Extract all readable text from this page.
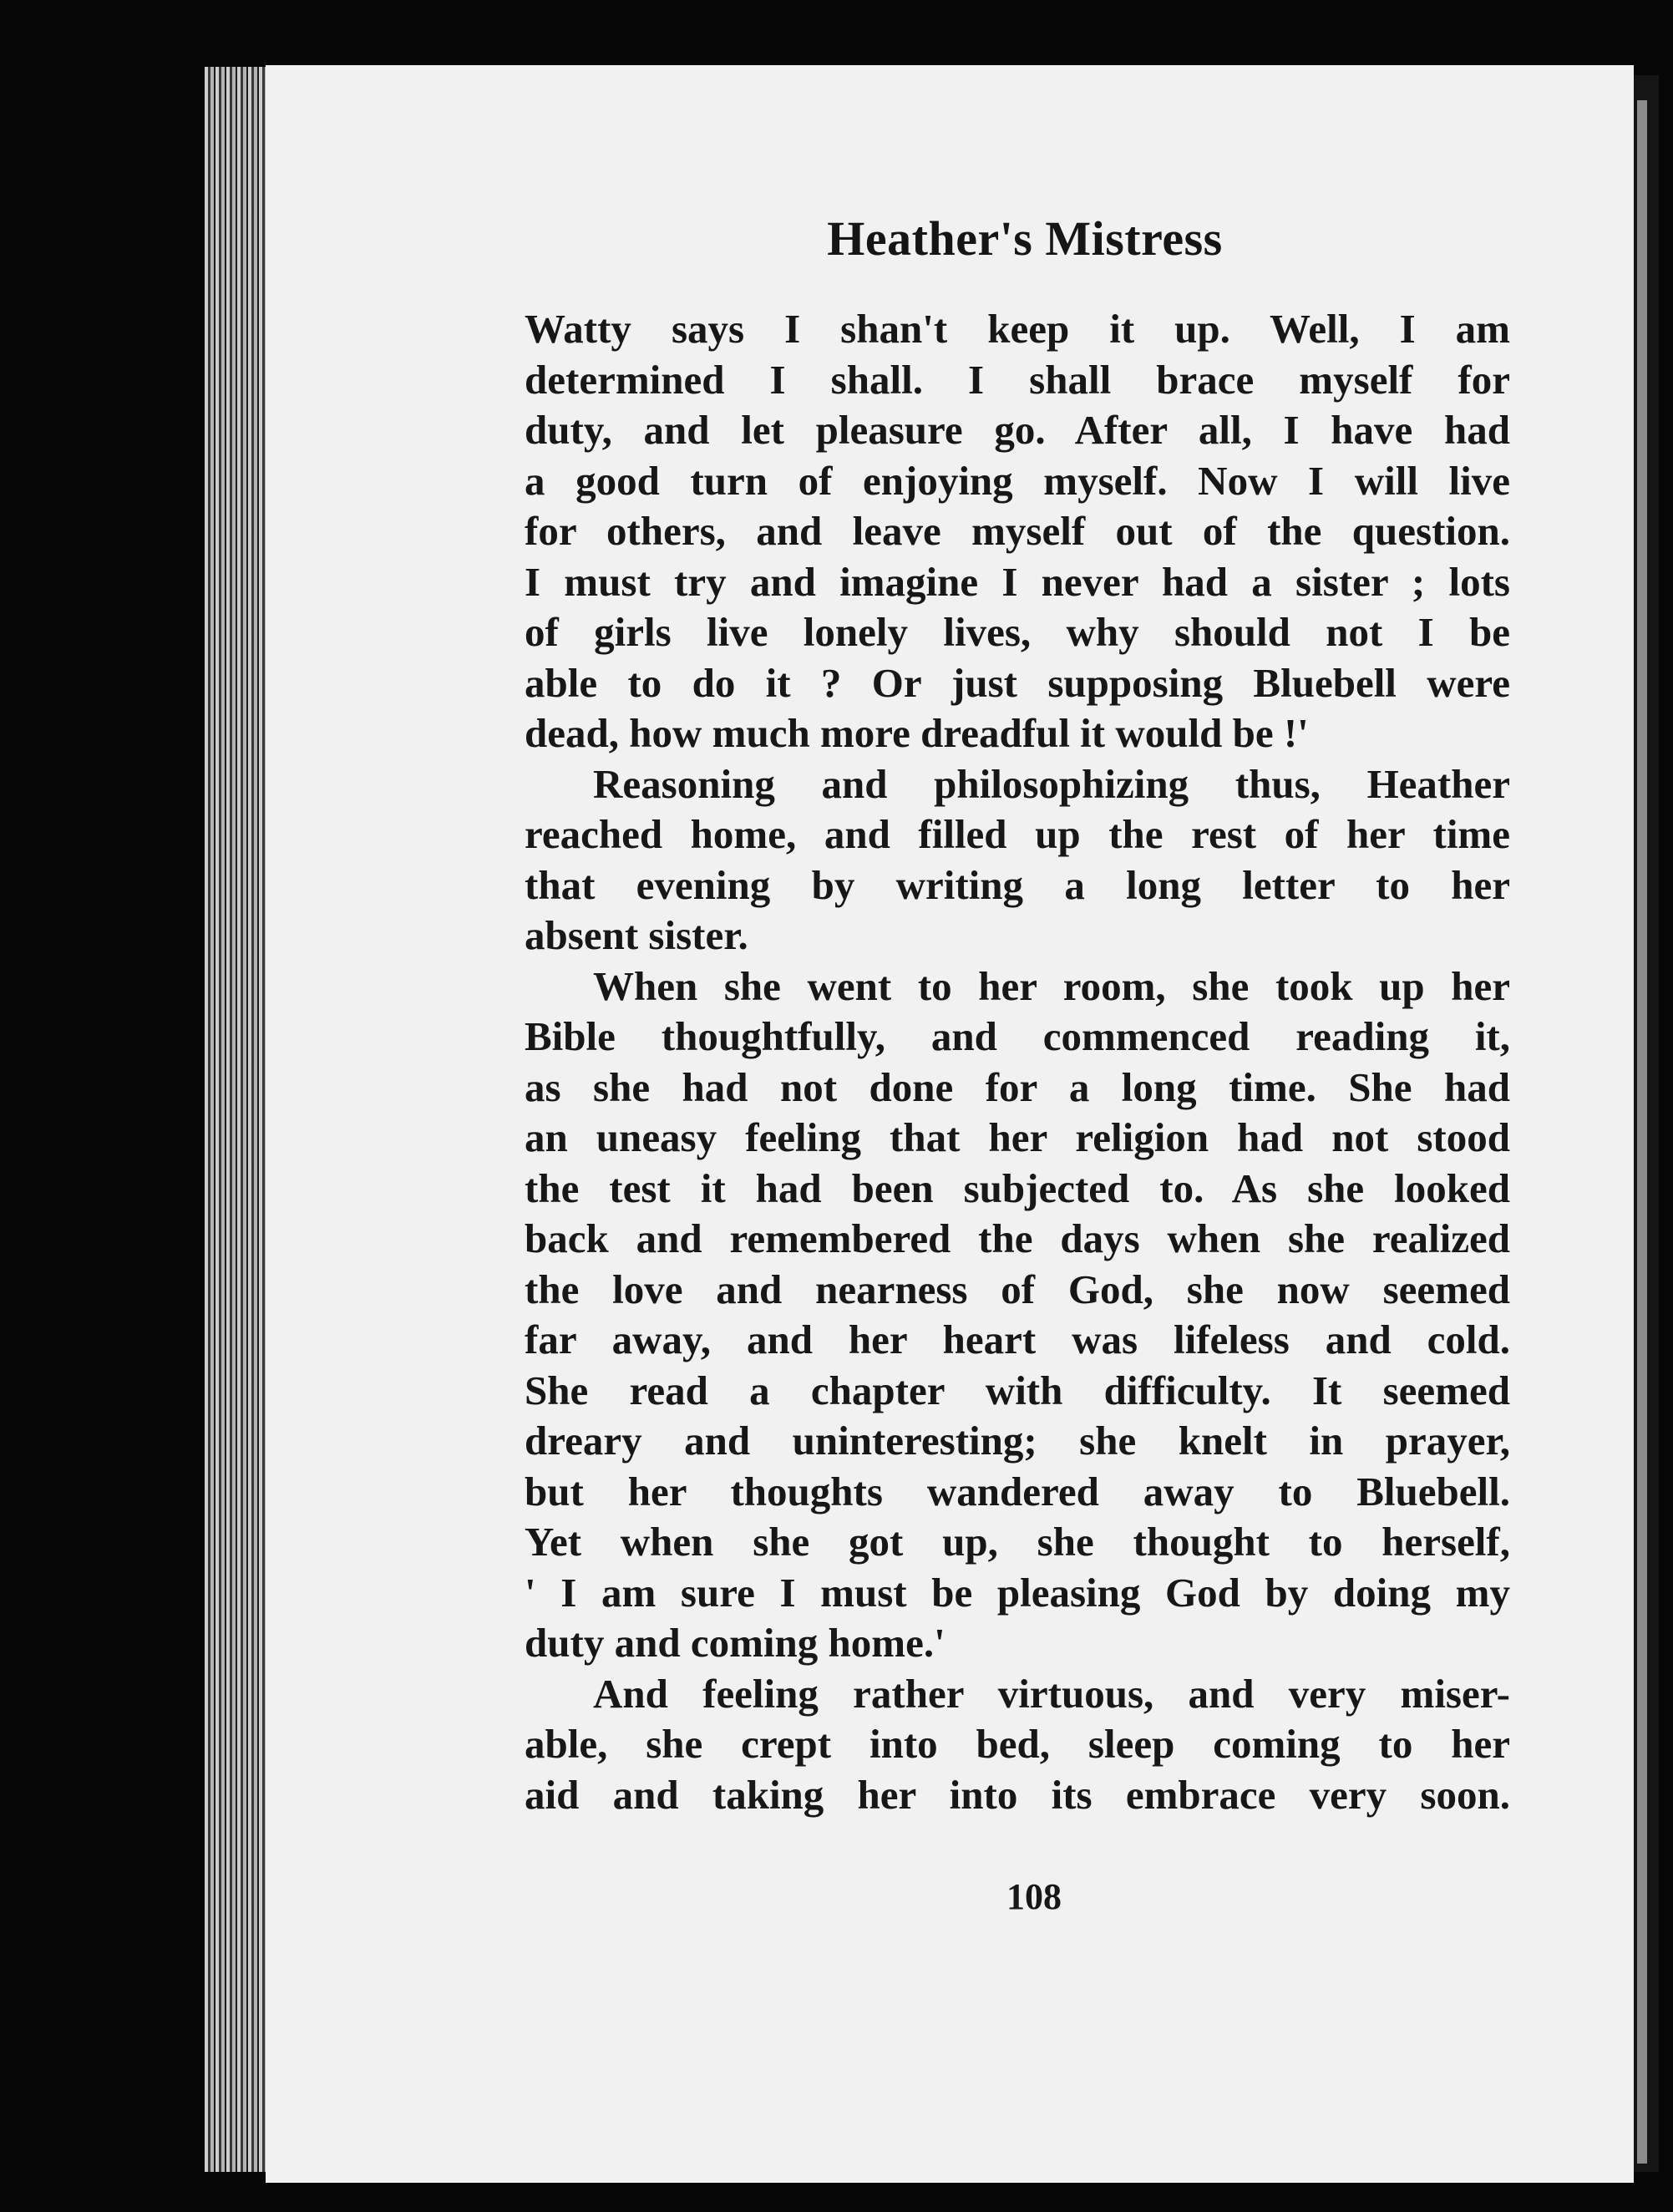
Heather's Mistress
Watty says I shan't keep it up. Well, I am
determined I shall. I shall brace myself for
duty, and let pleasure go. After all, I have had
a good turn of enjoying myself. Now I will live
for others, and leave myself out of the question.
I must try and imagine I never had a sister ; lots
of girls live lonely lives, why should not I be
able to do it ? Or just supposing Bluebell were
dead, how much more dreadful it would be !'
Reasoning and philosophizing thus, Heather
reached home, and filled up the rest of her time
that evening by writing a long letter to her
absent sister.
When she went to her room, she took up her
Bible thoughtfully, and commenced reading it,
as she had not done for a long time. She had
an uneasy feeling that her religion had not stood
the test it had been subjected to. As she looked
back and remembered the days when she realized
the love and nearness of God, she now seemed
far away, and her heart was lifeless and cold.
She read a chapter with difficulty. It seemed
dreary and uninteresting; she knelt in prayer,
but her thoughts wandered away to Bluebell.
Yet when she got up, she thought to herself,
' I am sure I must be pleasing God by doing my
duty and coming home.'
And feeling rather virtuous, and very miser-
able, she crept into bed, sleep coming to her
aid and taking her into its embrace very soon.
108
